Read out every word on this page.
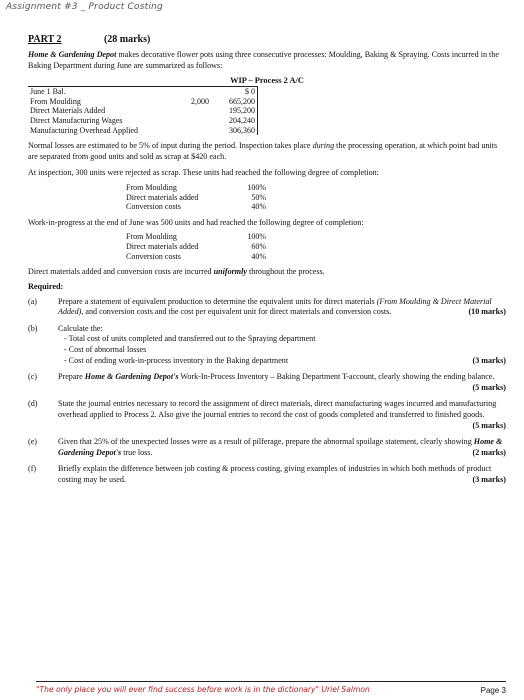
Assignment #3 _ Product Costing
PART 2	(28 marks)

Home & Gardening Depot makes decorative flower pots using three consecutive processes: Moulding, Baking & Spraying. Costs incurred in the Baking Department during June are summarized as follows:

WIP – Process 2 A/C
June 1 Bal.		$ 0
From Moulding	2,000	665,200
Direct Materials Added		195,200
Direct Manufacturing Wages		204,240
Manufacturing Overhead Applied		306,360

Normal losses are estimated to be 5% of input during the period. Inspection takes place during the processing operation, at which point bad units are separated from good units and sold as scrap at $420 each.

At inspection, 300 units were rejected as scrap. These units had reached the following degree of completion:

From Moulding	100%
Direct materials added	50%
Conversion costs	40%

Work-in-progress at the end of June was 500 units and had reached the following degree of completion:

From Moulding	100%
Direct materials added	60%
Conversion costs	40%

Direct materials added and conversion costs are incurred uniformly throughout the process.

Required:
(a)	Prepare a statement of equivalent production to determine the equivalent units for direct materials (From Moulding & Direct Material Added), and conversion costs and the cost per equivalent unit for direct materials and conversion costs.	(10 marks)
(b)	Calculate the:
- Total cost of units completed and transferred out to the Spraying department
- Cost of abnormal losses
- Cost of ending work-in-process inventory in the Baking department	(3 marks)
(c)	Prepare Home & Gardening Depot's Work-In-Process Inventory – Baking Department T-account, clearly showing the ending balance.
(5 marks)
(d)	State the journal entries necessary to record the assignment of direct materials, direct manufacturing wages incurred and manufacturing overhead applied to Process 2. Also give the journal entries to record the cost of goods completed and transferred to finished goods.
(5 marks)
(e)	Given that 25% of the unexpected losses were as a result of pilferage, prepare the abnormal spoilage statement, clearly showing Home & Gardening Depot's true loss.	(2 marks)
(f)	Briefly explain the difference between job costing & process costing, giving examples of industries in which both methods of product costing may be used.	(3 marks)
"The only place you will ever find success before work is in the dictionary" Uriel Salmon	Page 3
